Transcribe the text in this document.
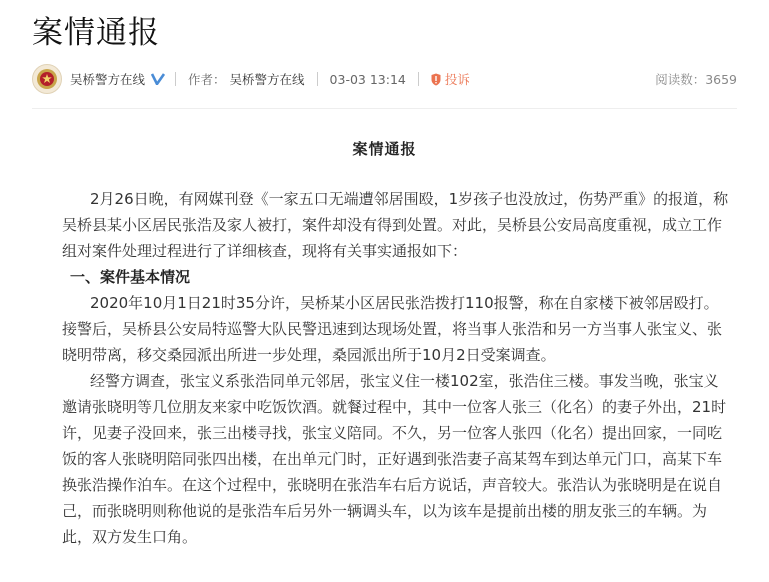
案情通报
吴桥警方在线	作者： 吴桥警方在线 03-03 13:14	投诉	阅读数：3659
案情通报

2月26日晚，有网媒刊登《一家五口无端遭邻居围殴，1岁孩子也没放过，伤势严重》的报道，称吴桥县某小区居民张浩及家人被打，案件却没有得到处置。对此，吴桥县公安局高度重视，成立工作组对案件处理过程进行了详细核查，现将有关事实通报如下：

一、案件基本情况

2020年10月1日21时35分许，吴桥某小区居民张浩拨打110报警，称在自家楼下被邻居殴打。接警后，吴桥县公安局特巡警大队民警迅速到达现场处置，将当事人张浩和另一方当事人张宝义、张晓明带离，移交桑园派出所进一步处理，桑园派出所于10月2日受案调查。

经警方调查，张宝义系张浩同单元邻居，张宝义住一楼102室，张浩住三楼。事发当晚，张宝义邀请张晓明等几位朋友来家中吃饭饮酒。就餐过程中，其中一位客人张三（化名）的妻子外出，21时许，见妻子没回来，张三出楼寻找，张宝义陪同。不久，另一位客人张四（化名）提出回家，一同吃饭的客人张晓明陪同张四出楼，在出单元门时，正好遇到张浩妻子高某驾车到达单元门口，高某下车换张浩操作泊车。在这个过程中，张晓明在张浩车右后方说话，声音较大。张浩认为张晓明是在说自己，而张晓明则称他说的是张浩车后另外一辆调头车，以为该车是提前出楼的朋友张三的车辆。为此，双方发生口角。
